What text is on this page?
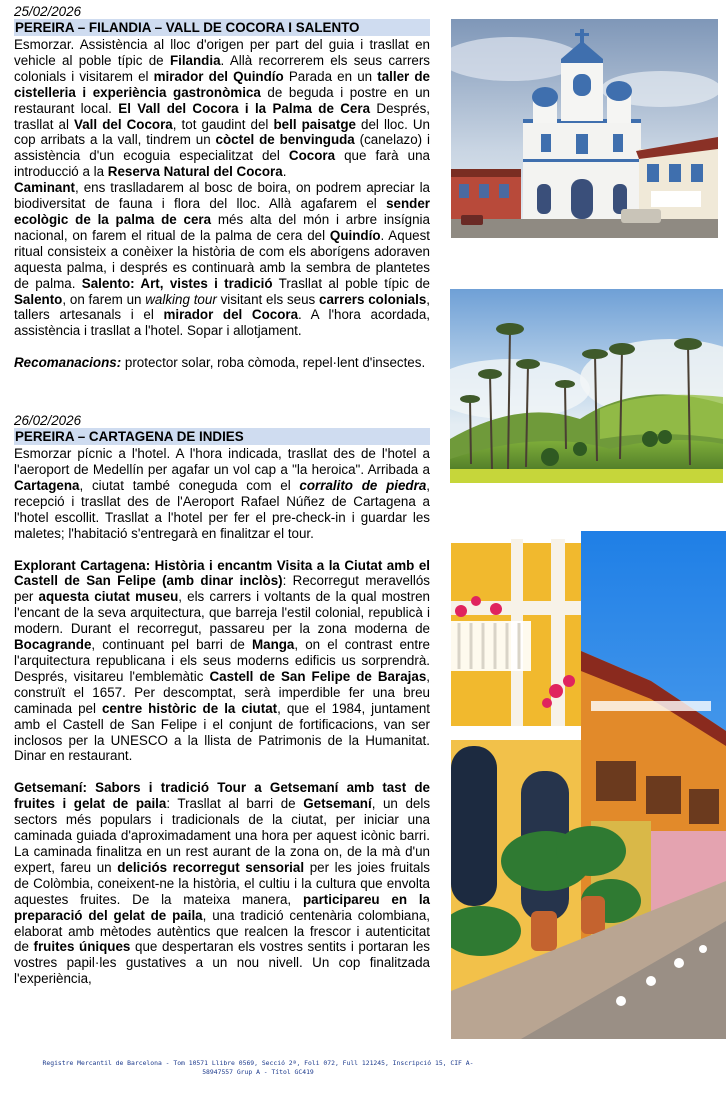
25/02/2026
PEREIRA – FILANDIA – VALL DE COCORA I SALENTO

Esmorzar. Assistència al lloc d'origen per part del guia i trasllat en vehicle al poble típic de Filandia. Allà recorrerem els seus carrers colonials i visitarem el mirador del Quindío Parada en un taller de cistelleria i experiència gastronòmica de beguda i postre en un restaurant local. El Vall del Cocora i la Palma de Cera Després, trasllat al Vall del Cocora, tot gaudint del bell paisatge del lloc. Un cop arribats a la vall, tindrem un còctel de benvinguda (canelazo) i assistència d'un ecoguia especialitzat del Cocora que farà una introducció a la Reserva Natural del Cocora.

Caminant, ens traslladarem al bosc de boira, on podrem apreciar la biodiversitat de fauna i flora del lloc. Allà agafarem el sender ecològic de la palma de cera més alta del món i arbre insígnia nacional, on farem el ritual de la palma de cera del Quindío. Aquest ritual consisteix a conèixer la història de com els aborígens adoraven aquesta palma, i després es continuarà amb la sembra de plantetes de palma. Salento: Art, vistes i tradició Trasllat al poble típic de Salento, on farem un walking tour visitant els seus carrers colonials, tallers artesanals i el mirador del Cocora. A l'hora acordada, assistència i trasllat a l'hotel. Sopar i allotjament.

Recomanacions: protector solar, roba còmoda, repel·lent d'insectes.

26/02/2026
PEREIRA – CARTAGENA DE INDIES

Esmorzar pícnic a l'hotel. A l'hora indicada, trasllat des de l'hotel a l'aeroport de Medellín per agafar un vol cap a "la heroica". Arribada a Cartagena, ciutat també coneguda com el corralito de piedra, recepció i trasllat des de l'Aeroport Rafael Núñez de Cartagena a l'hotel escollit. Trasllat a l'hotel per fer el pre-check-in i guardar les maletes; l'habitació s'entregarà en finalitzar el tour.

Explorant Cartagena: Història i encantm Visita a la Ciutat amb el Castell de San Felipe (amb dinar inclòs): Recorregut meravellós per aquesta ciutat museu, els carrers i voltants de la qual mostren l'encant de la seva arquitectura, que barreja l'estil colonial, republicà i modern. Durant el recorregut, passareu per la zona moderna de Bocagrande, continuant pel barri de Manga, on el contrast entre l'arquitectura republicana i els seus moderns edificis us sorprendrà. Després, visitareu l'emblemàtic Castell de San Felipe de Barajas, construït el 1657. Per descomptat, serà imperdible fer una breu caminada pel centre històric de la ciutat, que el 1984, juntament amb el Castell de San Felipe i el conjunt de fortificacions, van ser inclosos per la UNESCO a la llista de Patrimonis de la Humanitat. Dinar en restaurant.

Getsemaní: Sabors i tradició Tour a Getsemaní amb tast de fruites i gelat de paila: Trasllat al barri de Getsemaní, un dels sectors més populars i tradicionals de la ciutat, per iniciar una caminada guiada d'aproximadament una hora per aquest icònic barri. La caminada finalitza en un rest aurant de la zona on, de la mà d'un expert, fareu un deliciós recorregut sensorial per les joies fruitals de Colòmbia, coneixent-ne la història, el cultiu i la cultura que envolta aquestes fruites. De la mateixa manera, participareu en la preparació del gelat de paila, una tradició centenària colombiana, elaborat amb mètodes autèntics que realcen la frescor i autenticitat de fruites úniques que despertaran els vostres sentits i portaran les vostres papil·les gustatives a un nou nivell. Un cop finalitzada l'experiència,

Registre Mercantil de Barcelona - Tom 10571 Llibre 0569, Secció 2ª, Foli 072, Full 121245, Inscripció 15, CIF A-
58947557 Grup A - Títol GC419
